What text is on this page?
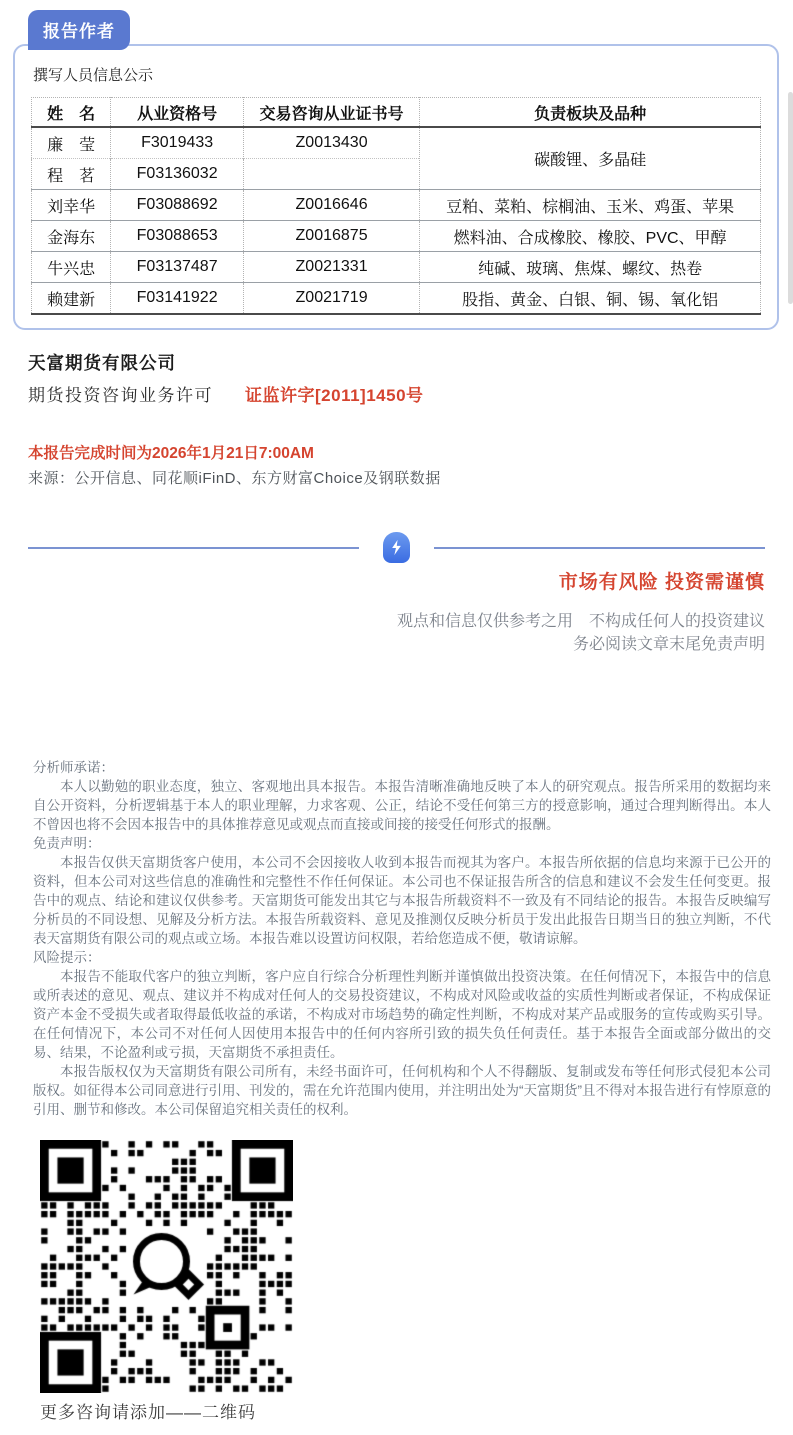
报告作者
撰写人员信息公示
姓　名	从业资格号	交易咨询从业证书号	负责板块及品种
廉　莹	F3019433	Z0013430	碳酸锂、多晶硅
程　茗	F03136032		
刘幸华	F03088692	Z0016646	豆粕、菜粕、棕榈油、玉米、鸡蛋、苹果
金海东	F03088653	Z0016875	燃料油、合成橡胶、橡胶、PVC、甲醇
牛兴忠	F03137487	Z0021331	纯碱、玻璃、焦煤、螺纹、热卷
赖建新	F03141922	Z0021719	股指、黄金、白银、铜、锡、氧化铝
天富期货有限公司
期货投资咨询业务许可 证监许字[2011]1450号
本报告完成时间为2026年1月21日7:00AM
来源：公开信息、同花顺iFinD、东方财富Choice及钢联数据
市场有风险 投资需谨慎
观点和信息仅供参考之用　不构成任何人的投资建议
务必阅读文章末尾免责声明
分析师承诺：
本人以勤勉的职业态度，独立、客观地出具本报告。本报告清晰准确地反映了本人的研究观点。报告所采用的数据均来自公开资料，分析逻辑基于本人的职业理解，力求客观、公正，结论不受任何第三方的授意影响，通过合理判断得出。本人不曾因也将不会因本报告中的具体推荐意见或观点而直接或间接的接受任何形式的报酬。
免责声明：
本报告仅供天富期货客户使用，本公司不会因接收人收到本报告而视其为客户。本报告所依据的信息均来源于已公开的资料，但本公司对这些信息的准确性和完整性不作任何保证。本公司也不保证报告所含的信息和建议不会发生任何变更。报告中的观点、结论和建议仅供参考。天富期货可能发出其它与本报告所载资料不一致及有不同结论的报告。本报告反映编写分析员的不同设想、见解及分析方法。本报告所载资料、意见及推测仅反映分析员于发出此报告日期当日的独立判断，不代表天富期货有限公司的观点或立场。本报告难以设置访问权限，若给您造成不便，敬请谅解。
风险提示：
本报告不能取代客户的独立判断，客户应自行综合分析理性判断并谨慎做出投资决策。在任何情况下，本报告中的信息或所表述的意见、观点、建议并不构成对任何人的交易投资建议，不构成对风险或收益的实质性判断或者保证，不构成保证资产本金不受损失或者取得最低收益的承诺，不构成对市场趋势的确定性判断，不构成对某产品或服务的宣传或购买引导。在任何情况下，本公司不对任何人因使用本报告中的任何内容所引致的损失负任何责任。基于本报告全面或部分做出的交易、结果，不论盈利或亏损，天富期货不承担责任。
本报告版权仅为天富期货有限公司所有，未经书面许可，任何机构和个人不得翻版、复制或发布等任何形式侵犯本公司版权。如征得本公司同意进行引用、刊发的，需在允许范围内使用，并注明出处为“天富期货”且不得对本报告进行有悖原意的引用、删节和修改。本公司保留追究相关责任的权利。
更多咨询请添加——二维码
